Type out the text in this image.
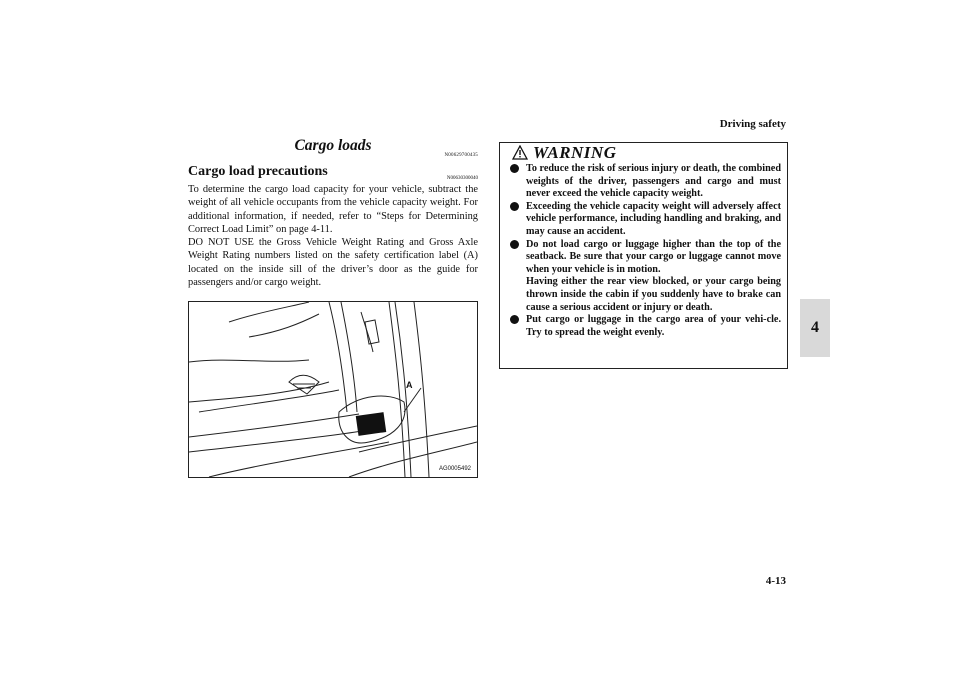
Driving safety
Cargo loads
N00629700435
Cargo load precautions	N00630300040

To determine the cargo load capacity for your vehicle, subtract the weight of all vehicle occupants from the vehicle capacity weight. For additional information, if needed, refer to “Steps for Determining Correct Load Limit” on page 4-11.

DO NOT USE the Gross Vehicle Weight Rating and Gross Axle Weight Rating numbers listed on the safety certification label (A) located on the inside sill of the driver’s door as the guide for passengers and/or cargo weight.

A
AG0005492
WARNING
To reduce the risk of serious injury or death, the combined weights of the driver, passengers and cargo and must never exceed the vehicle capacity weight.
Exceeding the vehicle capacity weight will adversely affect vehicle performance, including handling and braking, and may cause an accident.
Do not load cargo or luggage higher than the top of the seatback. Be sure that your cargo or luggage cannot move when your vehicle is in motion.
Having either the rear view blocked, or your cargo being thrown inside the cabin if you suddenly have to brake can cause a serious accident or injury or death.
Put cargo or luggage in the cargo area of your vehi-cle. Try to spread the weight evenly.	4
4-13
